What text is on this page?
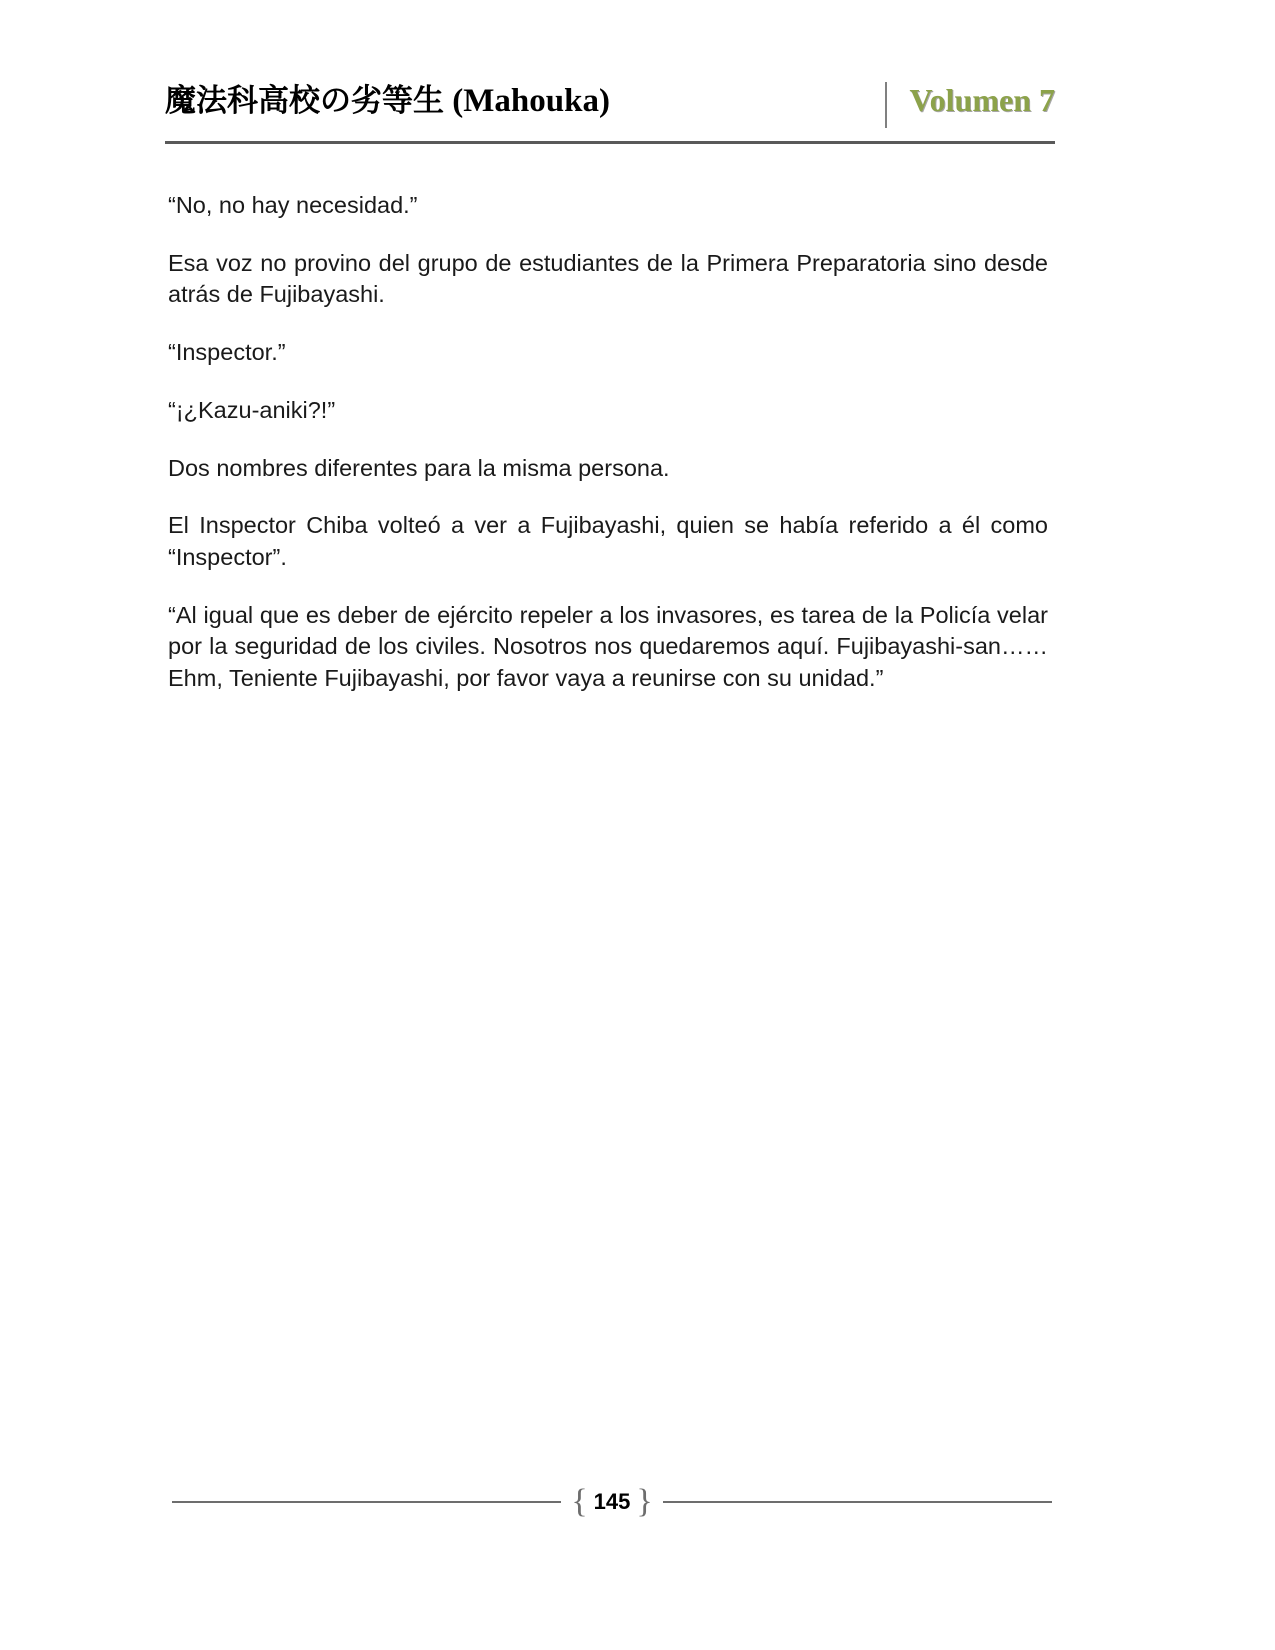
魔法科高校の劣等生 (Mahouka)	Volumen 7

“No, no hay necesidad.”

Esa voz no provino del grupo de estudiantes de la Primera Preparatoria sino desde atrás de Fujibayashi.

“Inspector.”

“¡¿Kazu-aniki?!”

Dos nombres diferentes para la misma persona.

El Inspector Chiba volteó a ver a Fujibayashi, quien se había referido a él como “Inspector”.

“Al igual que es deber de ejército repeler a los invasores, es tarea de la Policía velar por la seguridad de los civiles. Nosotros nos quedaremos aquí. Fujibayashi-san…… Ehm, Teniente Fujibayashi, por favor vaya a reunirse con su unidad.”

{ 145 }
